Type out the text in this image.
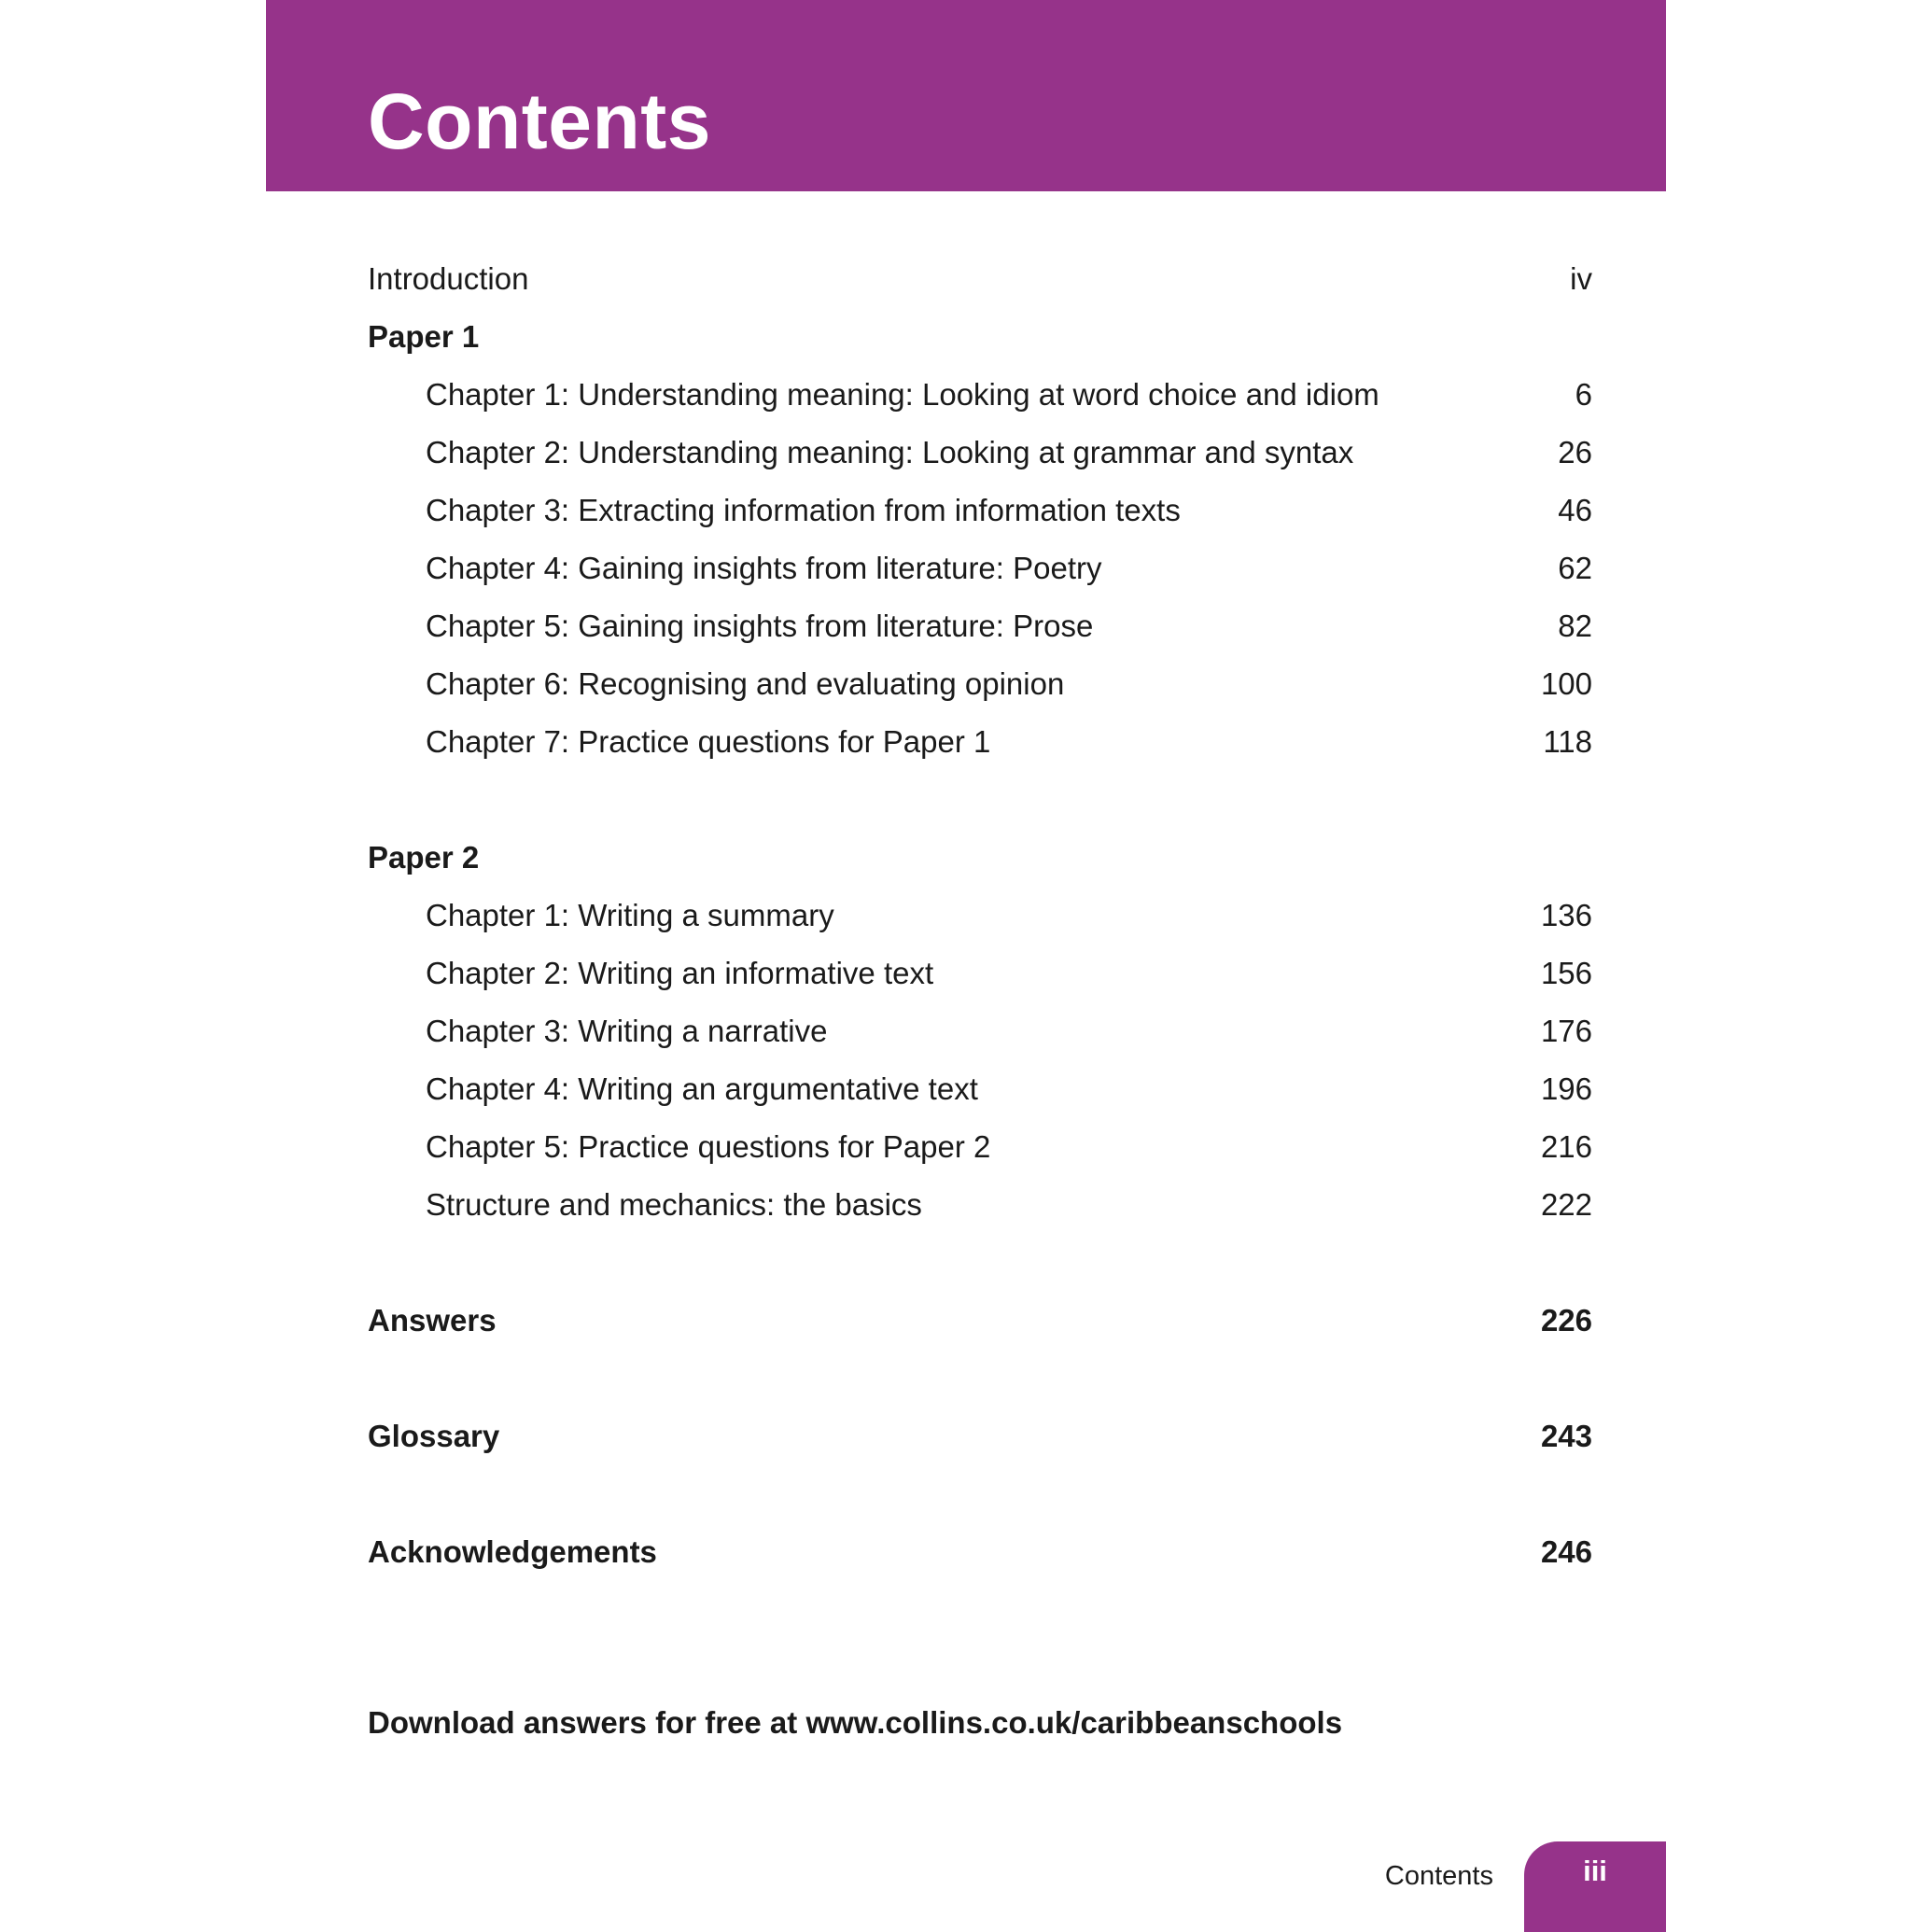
Contents
Introduction	iv
Paper 1
Chapter 1: Understanding meaning: Looking at word choice and idiom	6
Chapter 2: Understanding meaning: Looking at grammar and syntax	26
Chapter 3: Extracting information from information texts	46
Chapter 4: Gaining insights from literature: Poetry	62
Chapter 5: Gaining insights from literature: Prose	82
Chapter 6: Recognising and evaluating opinion	100
Chapter 7: Practice questions for Paper 1	118
Paper 2
Chapter 1: Writing a summary	136
Chapter 2: Writing an informative text	156
Chapter 3: Writing a narrative	176
Chapter 4: Writing an argumentative text	196
Chapter 5: Practice questions for Paper 2	216
Structure and mechanics: the basics	222
Answers	226
Glossary	243
Acknowledgements	246

Download answers for free at www.collins.co.uk/caribbeanschools

Contents	iii
